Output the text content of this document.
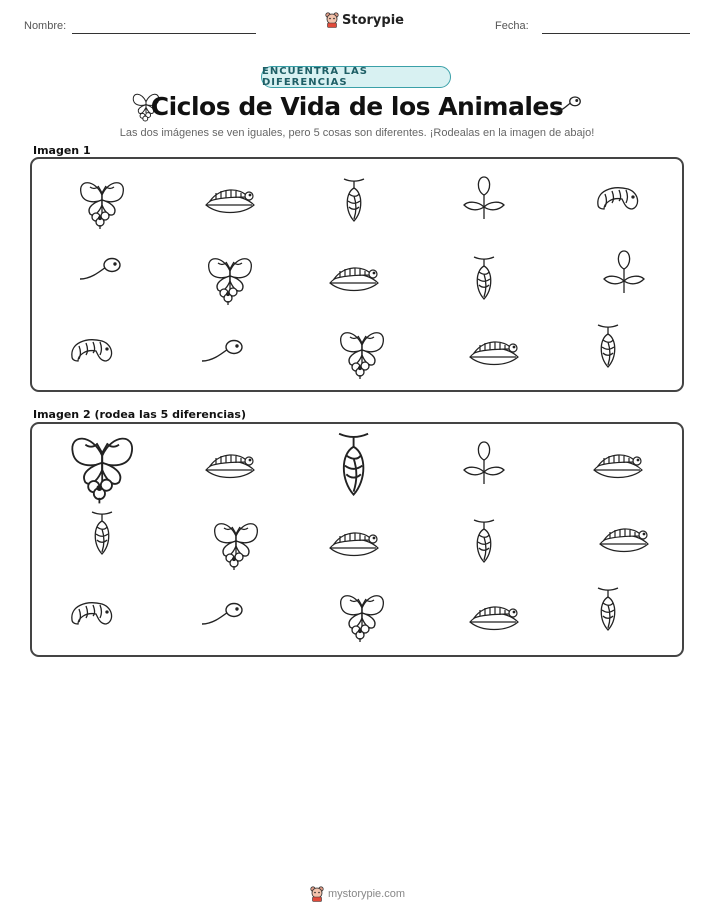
Nombre:	Storypie	Fecha:
ENCUENTRA LAS DIFERENCIAS
Ciclos de Vida de los Animales
Las dos imágenes se ven iguales, pero 5 cosas son diferentes. ¡Rodealas en la imagen de abajo!
Imagen 1
Imagen 2 (rodea las 5 diferencias)
mystorypie.com
